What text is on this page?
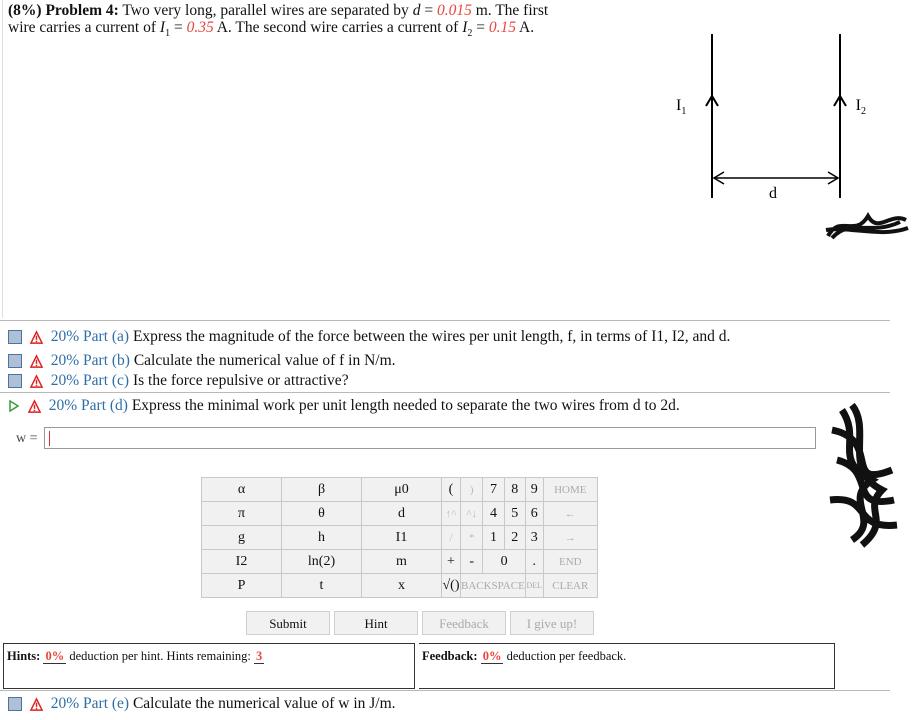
(8%) Problem 4: Two very long, parallel wires are separated by d = 0.015 m. The first
wire carries a current of $I_1 = 0.35$ A. The second wire carries a current of $I_2 = 0.15$ A.
$I_1$	$I_2$
d
20% Part (a) Express the magnitude of the force between the wires per unit length, f, in terms of I1, I2, and d.
20% Part (b) Calculate the numerical value of f in N/m.
20% Part (c) Is the force repulsive or attractive?
20% Part (d) Express the minimal work per unit length needed to separate the two wires from d to 2d.
w =
α	β	μ0	(	)	7	8	9	HOME
π	θ	d	↑^	^↓	4	5	6	←
g	h	I1	/	*	1	2	3	→
I2	ln(2)	m	+	-	0		.	END
P	t	x	√()	BACKSPACE			DEL	CLEAR
Submit	Hint	Feedback	I give up!
Hints: 0% deduction per hint. Hints remaining: 3	Feedback: 0% deduction per feedback.
20% Part (e) Calculate the numerical value of w in J/m.
